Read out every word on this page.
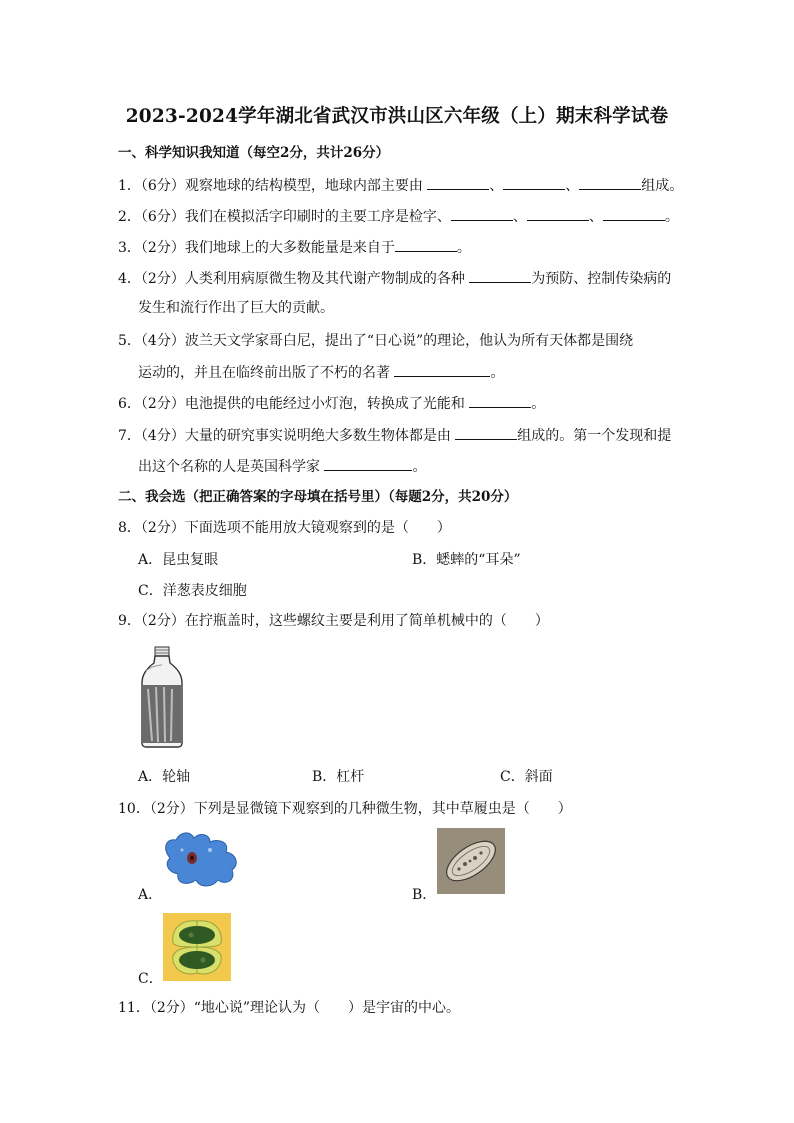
2023-2024学年湖北省武汉市洪山区六年级（上）期末科学试卷
一、科学知识我知道（每空2分，共计26分）
1．（6分）观察地球的结构模型，地球内部主要由	、	、	组成。
2．（6分）我们在模拟活字印刷时的主要工序是检字、	、	、	。
3．（2分）我们地球上的大多数能量是来自于	。
4．（2分）人类利用病原微生物及其代谢产物制成的各种	为预防、控制传染病的
发生和流行作出了巨大的贡献。
5．（4分）波兰天文学家哥白尼，提出了“日心说”的理论，他认为所有天体都是围绕
运动的，并且在临终前出版了不朽的名著	。
6．（2分）电池提供的电能经过小灯泡，转换成了光能和	。
7．（4分）大量的研究事实说明绝大多数生物体都是由	组成的。第一个发现和提
出这个名称的人是英国科学家	。
二、我会选（把正确答案的字母填在括号里）（每题2分，共20分）
8．（2分）下面选项不能用放大镜观察到的是（　　）
A．昆虫复眼	B．蟋蟀的“耳朵”
C．洋葱表皮细胞
9．（2分）在拧瓶盖时，这些螺纹主要是利用了简单机械中的（　　）
A．轮轴	B．杠杆	C．斜面
10．（2分）下列是显微镜下观察到的几种微生物，其中草履虫是（　　）
A．	B．
C．
11．（2分）“地心说”理论认为（　　）是宇宙的中心。
